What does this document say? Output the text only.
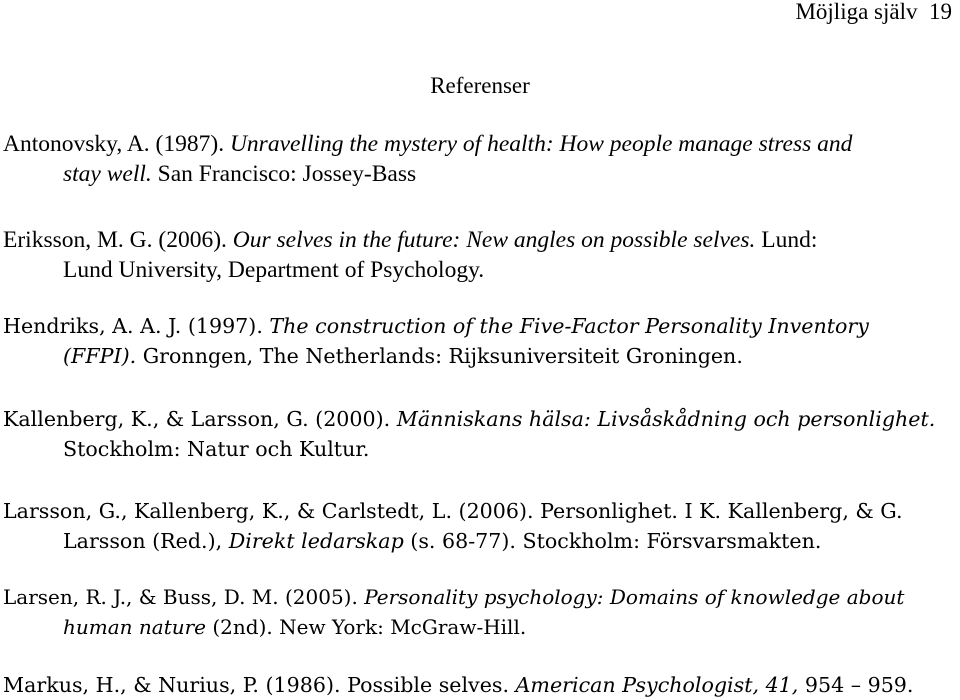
Möjliga själv 19
Referenser
Antonovsky, A. (1987). Unravelling the mystery of health: How people manage stress and
stay well. San Francisco: Jossey-Bass
Eriksson, M. G. (2006). Our selves in the future: New angles on possible selves. Lund:
Lund University, Department of Psychology.
Hendriks, A. A. J. (1997). The construction of the Five-Factor Personality Inventory
(FFPI). Gronngen, The Netherlands: Rijksuniversiteit Groningen.
Kallenberg, K., & Larsson, G. (2000). Människans hälsa: Livsåskådning och personlighet.
Stockholm: Natur och Kultur.
Larsson, G., Kallenberg, K., & Carlstedt, L. (2006). Personlighet. I K. Kallenberg, & G.
Larsson (Red.), Direkt ledarskap (s. 68-77). Stockholm: Försvarsmakten.
Larsen, R. J., & Buss, D. M. (2005). Personality psychology: Domains of knowledge about
human nature (2nd). New York: McGraw-Hill.
Markus, H., & Nurius, P. (1986). Possible selves. American Psychologist, 41, 954 – 959.
